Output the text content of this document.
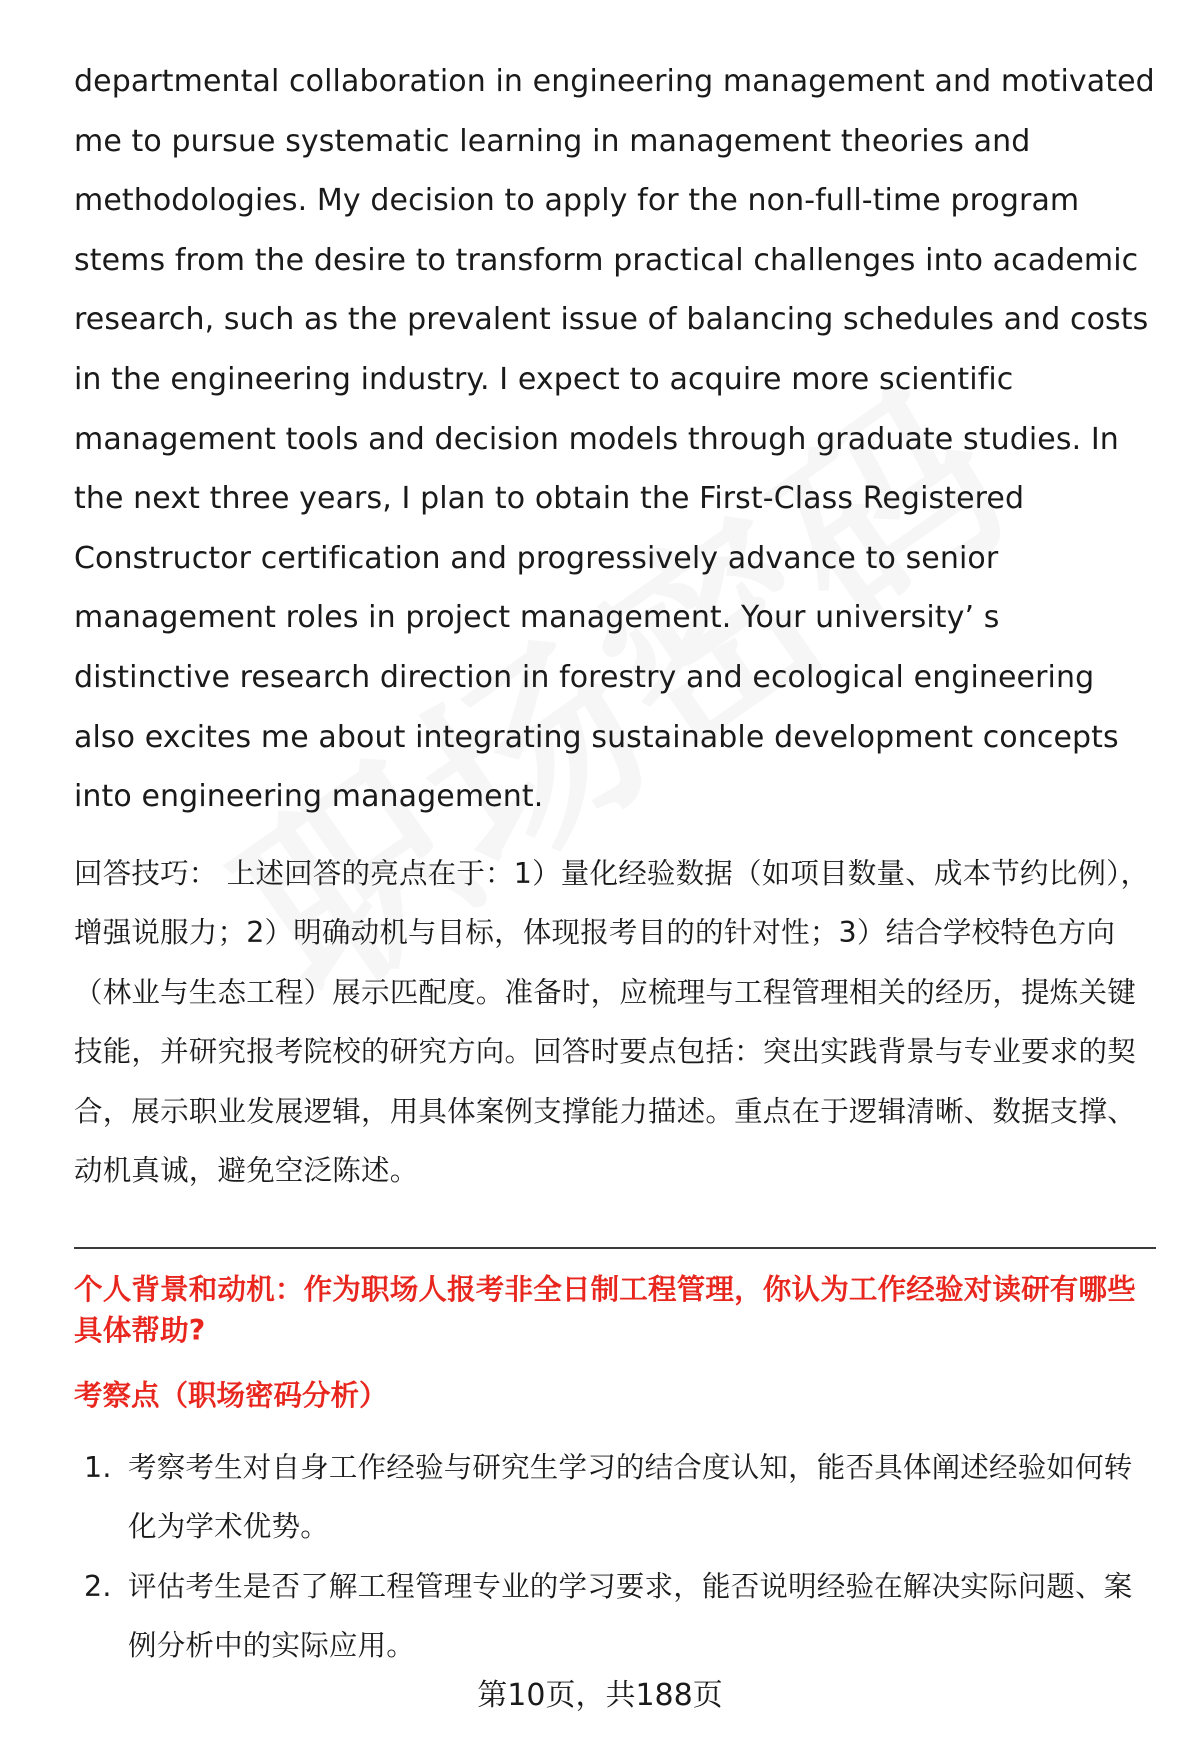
departmental collaboration in engineering management and motivated me to pursue systematic learning in management theories and methodologies. My decision to apply for the non-full-time program stems from the desire to transform practical challenges into academic research, such as the prevalent issue of balancing schedules and costs in the engineering industry. I expect to acquire more scientific management tools and decision models through graduate studies. In the next three years, I plan to obtain the First-Class Registered Constructor certification and progressively advance to senior management roles in project management. Your university’ s distinctive research direction in forestry and ecological engineering also excites me about integrating sustainable development concepts into engineering management.

回答技巧： 上述回答的亮点在于：1）量化经验数据（如项目数量、成本节约比例），增强说服力；2）明确动机与目标，体现报考目的的针对性；3）结合学校特色方向（林业与生态工程）展示匹配度。准备时，应梳理与工程管理相关的经历，提炼关键技能，并研究报考院校的研究方向。回答时要点包括：突出实践背景与专业要求的契合，展示职业发展逻辑，用具体案例支撑能力描述。重点在于逻辑清晰、数据支撑、动机真诚，避免空泛陈述。

个人背景和动机：作为职场人报考非全日制工程管理，你认为工作经验对读研有哪些具体帮助?

考察点（职场密码分析）

1. 考察考生对自身工作经验与研究生学习的结合度认知，能否具体阐述经验如何转化为学术优势。
2. 评估考生是否了解工程管理专业的学习要求，能否说明经验在解决实际问题、案例分析中的实际应用。
第10页，共188页
